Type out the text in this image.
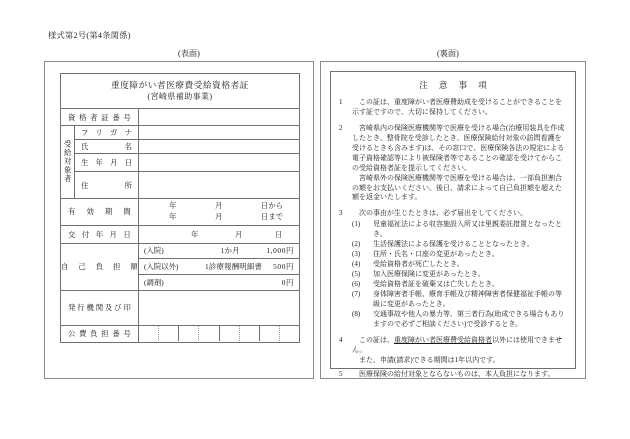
様式第2号(第4条関係)
(表面)	(裏面)
重度障がい者医療費受給資格者証
(宮崎県補助事業)		

資格者証番号		
受給対象者	フリガナ	
	氏名	
	生年月日	
	住所	
有効期間		年 月 日から
年 月 日まで

交付年月日		年 月 日
自己負担額		(入院) 1か月 1,000円

		(入院以外) 1診療報酬明細書 500円

		(調剤) 0円

発行機関及び印		
公費負担番号		
注意事項
1	この証は、重度障がい者医療費助成を受けることができることを示す証ですので、大切に保持してください。

2	宮崎県内の保険医療機関等で医療を受ける場合(治療用装具を作成したとき、整骨院を受診したとき、医療保険給付対象の訪問看護を受けるときも含みます)は、その窓口で、医療保険各法の規定による電子資格確認等により被保険者等であることの確認を受けてからこの受給資格者証を提示してください。

宮崎県外の保険医療機関等で医療を受ける場合は、一部負担割合の額をお支払いください。後日、請求によって自己負担額を超えた額を返金いたします。

3	次の事由が生じたときは、必ず届出をしてください。

(1)	児童福祉法による収容施設入所又は里親委託措置となったとき。
(2)	生活保護法による保護を受けることとなったとき。
(3)	住所・氏名・口座の変更があったとき。
(4)	受給資格者が死亡したとき。
(5)	加入医療保険に変更があったとき。
(6)	受給資格者証を破棄又は亡失したとき。
(7)	身体障害者手帳、療育手帳及び精神障害者保健福祉手帳の等級に変更があったとき。
(8)	交通事故や他人の暴力等、第三者行為(助成できる場合もありますので必ずご相談ください)で受診するとき。
4	この証は、重度障がい者医療費受給資格者以外には使用できません。

また、申請(請求)できる期間は1年以内です。

5	医療保険の給付対象とならないものは、本人負担になります。
